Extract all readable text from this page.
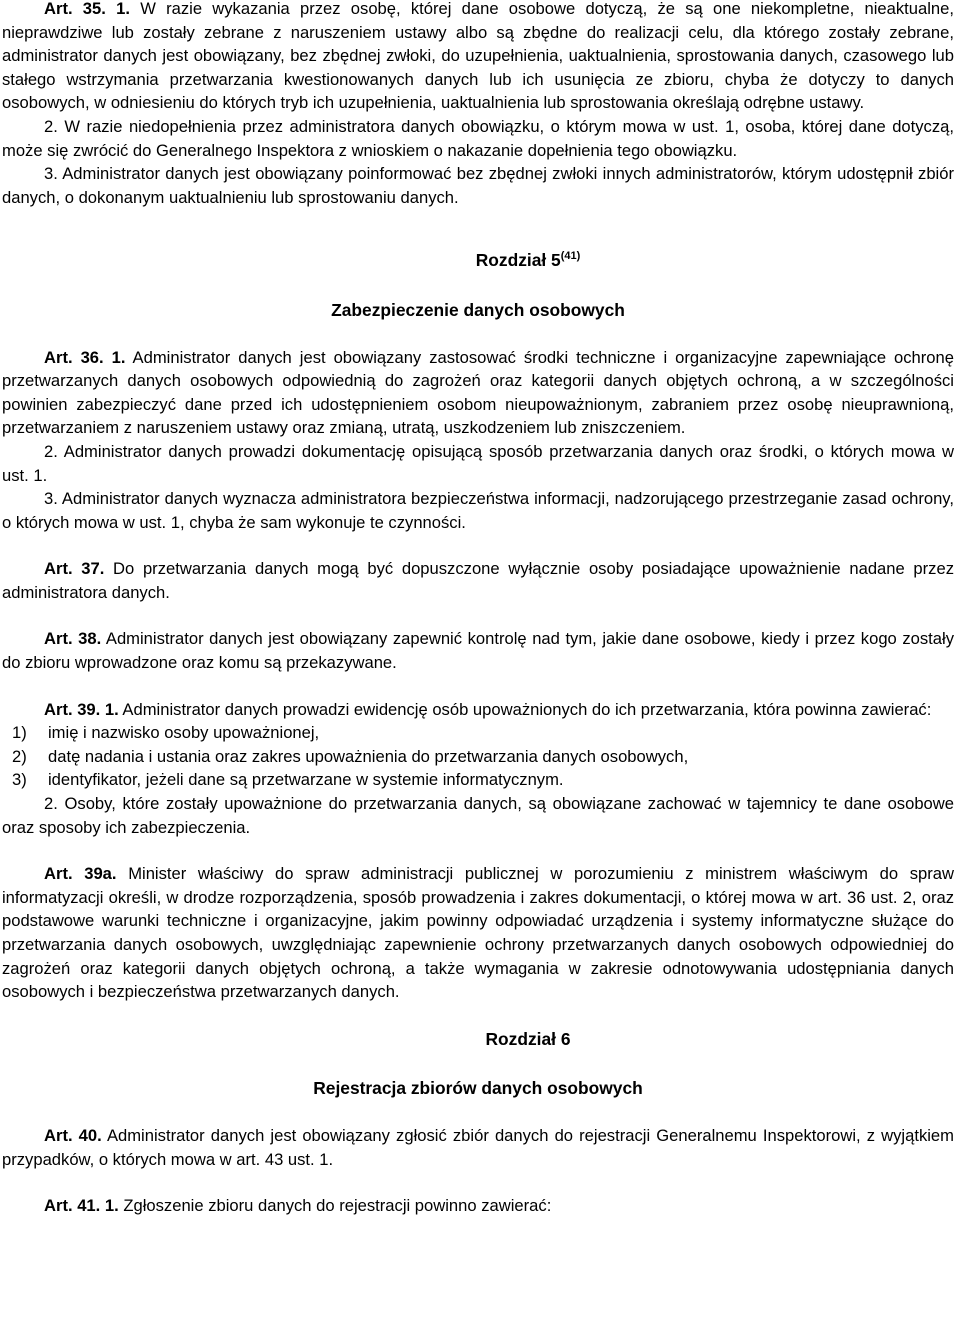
Art. 35. 1. W razie wykazania przez osobę, której dane osobowe dotyczą, że są one niekompletne, nieaktualne, nieprawdziwe lub zostały zebrane z naruszeniem ustawy albo są zbędne do realizacji celu, dla którego zostały zebrane, administrator danych jest obowiązany, bez zbędnej zwłoki, do uzupełnienia, uaktualnienia, sprostowania danych, czasowego lub stałego wstrzymania przetwarzania kwestionowanych danych lub ich usunięcia ze zbioru, chyba że dotyczy to danych osobowych, w odniesieniu do których tryb ich uzupełnienia, uaktualnienia lub sprostowania określają odrębne ustawy.

2. W razie niedopełnienia przez administratora danych obowiązku, o którym mowa w ust. 1, osoba, której dane dotyczą, może się zwrócić do Generalnego Inspektora z wnioskiem o nakazanie dopełnienia tego obowiązku.

3. Administrator danych jest obowiązany poinformować bez zbędnej zwłoki innych administratorów, którym udostępnił zbiór danych, o dokonanym uaktualnieniu lub sprostowaniu danych.

Rozdział 5$^{(41)}$

Zabezpieczenie danych osobowych

Art. 36. 1. Administrator danych jest obowiązany zastosować środki techniczne i organizacyjne zapewniające ochronę przetwarzanych danych osobowych odpowiednią do zagrożeń oraz kategorii danych objętych ochroną, a w szczególności powinien zabezpieczyć dane przed ich udostępnieniem osobom nieupoważnionym, zabraniem przez osobę nieuprawnioną, przetwarzaniem z naruszeniem ustawy oraz zmianą, utratą, uszkodzeniem lub zniszczeniem.

2. Administrator danych prowadzi dokumentację opisującą sposób przetwarzania danych oraz środki, o których mowa w ust. 1.

3. Administrator danych wyznacza administratora bezpieczeństwa informacji, nadzorującego przestrzeganie zasad ochrony, o których mowa w ust. 1, chyba że sam wykonuje te czynności.

Art. 37. Do przetwarzania danych mogą być dopuszczone wyłącznie osoby posiadające upoważnienie nadane przez administratora danych.

Art. 38. Administrator danych jest obowiązany zapewnić kontrolę nad tym, jakie dane osobowe, kiedy i przez kogo zostały do zbioru wprowadzone oraz komu są przekazywane.

Art. 39. 1. Administrator danych prowadzi ewidencję osób upoważnionych do ich przetwarzania, która powinna zawierać:

1) imię i nazwisko osoby upoważnionej,
2) datę nadania i ustania oraz zakres upoważnienia do przetwarzania danych osobowych,
3) identyfikator, jeżeli dane są przetwarzane w systemie informatycznym.

2. Osoby, które zostały upoważnione do przetwarzania danych, są obowiązane zachować w tajemnicy te dane osobowe oraz sposoby ich zabezpieczenia.

Art. 39a. Minister właściwy do spraw administracji publicznej w porozumieniu z ministrem właściwym do spraw informatyzacji określi, w drodze rozporządzenia, sposób prowadzenia i zakres dokumentacji, o której mowa w art. 36 ust. 2, oraz podstawowe warunki techniczne i organizacyjne, jakim powinny odpowiadać urządzenia i systemy informatyczne służące do przetwarzania danych osobowych, uwzględniając zapewnienie ochrony przetwarzanych danych osobowych odpowiedniej do zagrożeń oraz kategorii danych objętych ochroną, a także wymagania w zakresie odnotowywania udostępniania danych osobowych i bezpieczeństwa przetwarzanych danych.

Rozdział 6

Rejestracja zbiorów danych osobowych

Art. 40. Administrator danych jest obowiązany zgłosić zbiór danych do rejestracji Generalnemu Inspektorowi, z wyjątkiem przypadków, o których mowa w art. 43 ust. 1.

Art. 41. 1. Zgłoszenie zbioru danych do rejestracji powinno zawierać:
